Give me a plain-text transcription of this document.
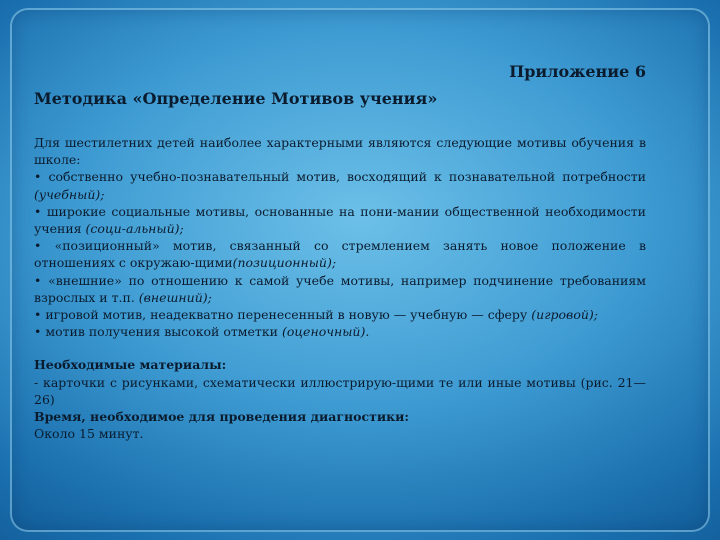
Приложение 6

Методика «Определение Мотивов учения»

Для шестилетних детей наиболее характерными являются следующие мотивы обучения в школе:

• собственно учебно-познавательный мотив, восходящий к познавательной потребности (учебный);

• широкие социальные мотивы, основанные на пони-мании общественной необходимости учения (соци-альный);

• «позиционный» мотив, связанный со стремлением занять новое положение в отношениях с окружаю-щими(позиционный);

• «внешние» по отношению к самой учебе мотивы, например подчинение требованиям взрослых и т.п. (внешний);

• игровой мотив, неадекватно перенесенный в новую — учебную — сферу (игровой);

• мотив получения высокой отметки (оценочный).

Необходимые материалы:

- карточки с рисунками, схематически иллюстрирую-щими те или иные мотивы (рис. 21—26)

Время, необходимое для проведения диагностики:

Около 15 минут.
